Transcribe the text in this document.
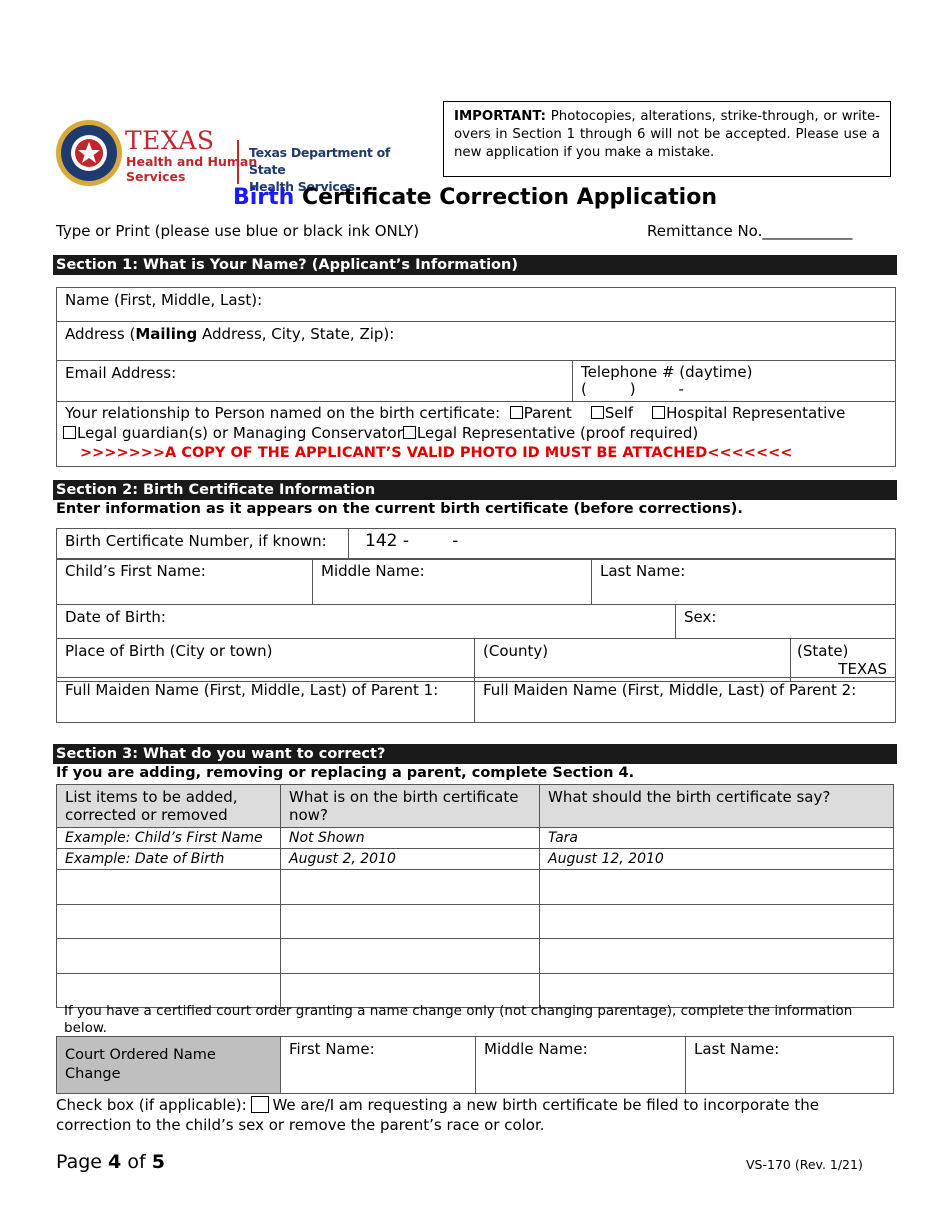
TEXAS
Health and Human
Services
Texas Department of State
Health Services
IMPORTANT: Photocopies, alterations, strike-through, or write-overs in Section 1 through 6 will not be accepted. Please use a new application if you make a mistake.
Birth Certificate Correction Application
Type or Print (please use blue or black ink ONLY)	Remittance No.____________
Section 1: What is Your Name? (Applicant’s Information)
Name (First, Middle, Last):
Address (Mailing Address, City, State, Zip):
Email Address:	Telephone # (daytime)
(         )         -

Your relationship to Person named on the birth certificate: Parent Self Hospital Representative
Legal guardian(s) or Managing Conservator Legal Representative (proof required)
>>>>>>>A COPY OF THE APPLICANT’S VALID PHOTO ID MUST BE ATTACHED<<<<<<<
Section 2: Birth Certificate Information
Enter information as it appears on the current birth certificate (before corrections).
Birth Certificate Number, if known:	142 -        -
Child’s First Name:	Middle Name:	Last Name:
Date of Birth:	Sex:
Place of Birth (City or town)	(County)	(State)
TEXAS
Full Maiden Name (First, Middle, Last) of Parent 1:	Full Maiden Name (First, Middle, Last) of Parent 2:
Section 3: What do you want to correct?
If you are adding, removing or replacing a parent, complete Section 4.
List items to be added, corrected or removed	What is on the birth certificate now?	What should the birth certificate say?
Example: Child’s First Name	Not Shown	Tara
Example: Date of Birth	August 2, 2010	August 12, 2010

If you have a certified court order granting a name change only (not changing parentage), complete the information below.
Court Ordered Name Change	First Name:	Middle Name:	Last Name:
Check box (if applicable): We are/I am requesting a new birth certificate be filed to incorporate the correction to the child’s sex or remove the parent’s race or color.
Page 4 of 5	VS-170 (Rev. 1/21)
